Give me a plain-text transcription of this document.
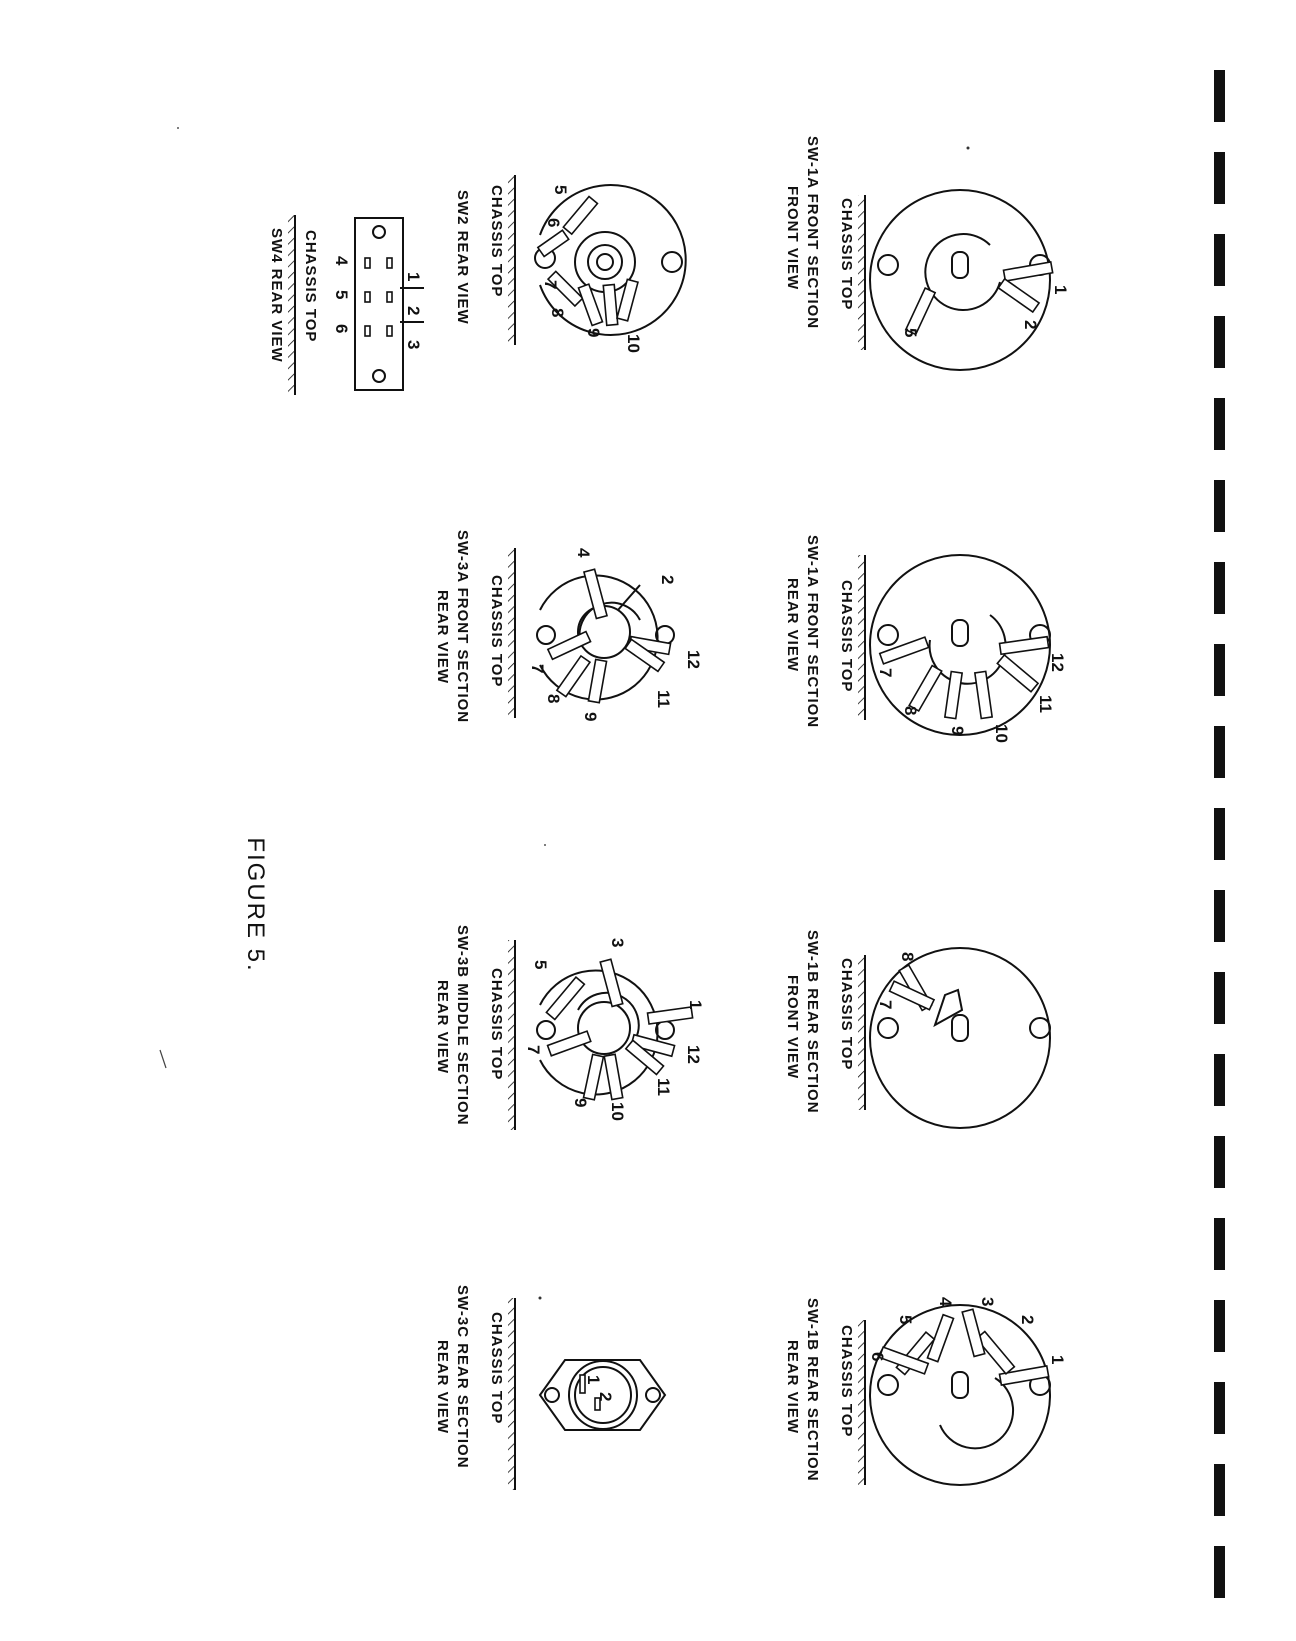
FIGURE 5.
1
2
5
CHASSIS TOP
SW-1A FRONT SECTION
FRONT VIEW
7
8
9 10
11
12
CHASSIS TOP
SW-1A FRONT SECTION
REAR VIEW
7
8
CHASSIS TOP
SW-1B REAR SECTION
FRONT VIEW
1
2
3
4
5
6
CHASSIS TOP
SW-1B REAR SECTION
REAR VIEW
5
6
7
8
9
10
CHASSIS TOP
SW2 REAR VIEW
1
2
3
4
5
6
CHASSIS TOP
SW4 REAR VIEW
2
4
7
8
9
11
12
CHASSIS TOP
SW-3A FRONT SECTION
REAR VIEW
1
3
5
7
9 10
11
12
CHASSIS TOP
SW-3B MIDDLE SECTION
REAR VIEW
1
2
CHASSIS TOP
SW-3C REAR SECTION
REAR VIEW
